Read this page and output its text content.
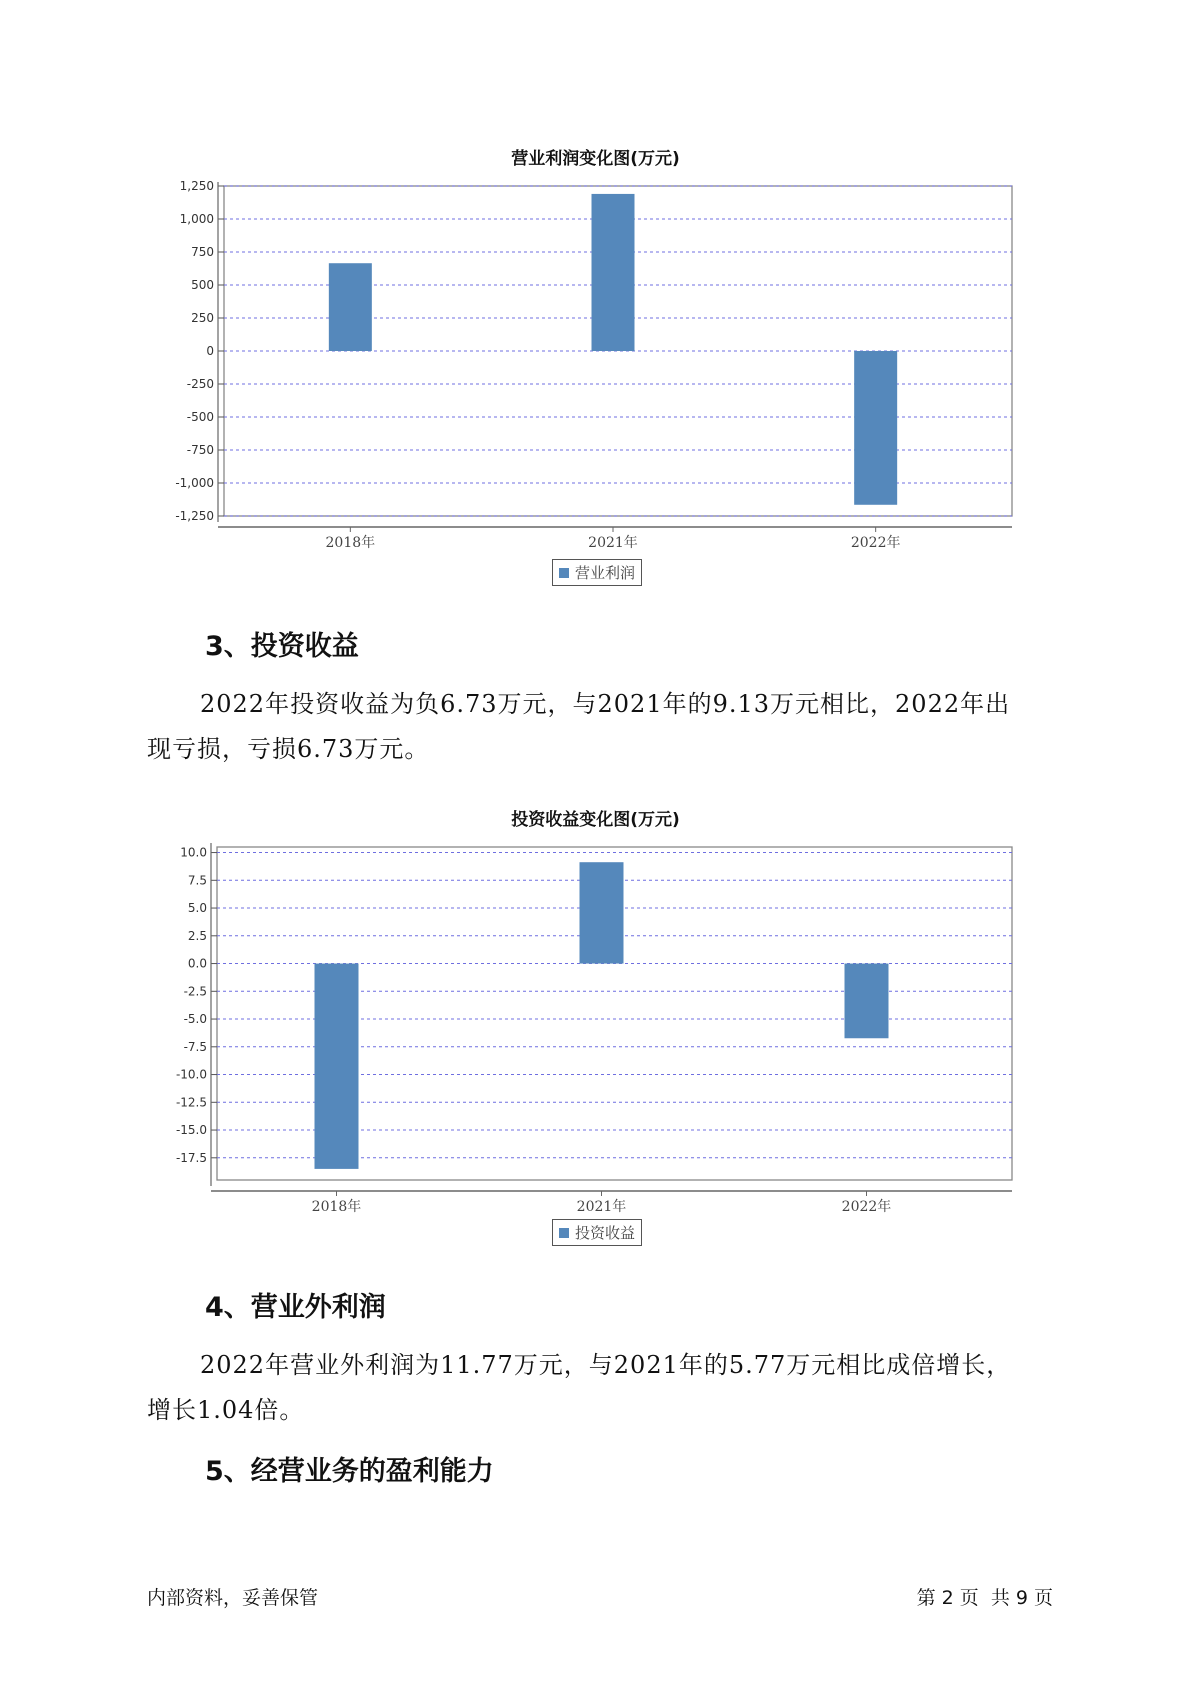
营业利润变化图(万元)
1,250
1,000
750
500
250
0
-250
-500
-750
-1,000
-1,250
2018年	2021年	2022年
营业利润
3、投资收益

2022年投资收益为负6.73万元，与2021年的9.13万元相比，2022年出
现亏损，亏损6.73万元。

投资收益变化图(万元)
10.0
7.5
5.0
2.5
0.0
-2.5
-5.0
-7.5
-10.0
-12.5
-15.0
-17.5
2018年	2021年	2022年
投资收益
4、营业外利润

2022年营业外利润为11.77万元，与2021年的5.77万元相比成倍增长，
增长1.04倍。

5、经营业务的盈利能力
内部资料，妥善保管	第 2 页  共 9 页
